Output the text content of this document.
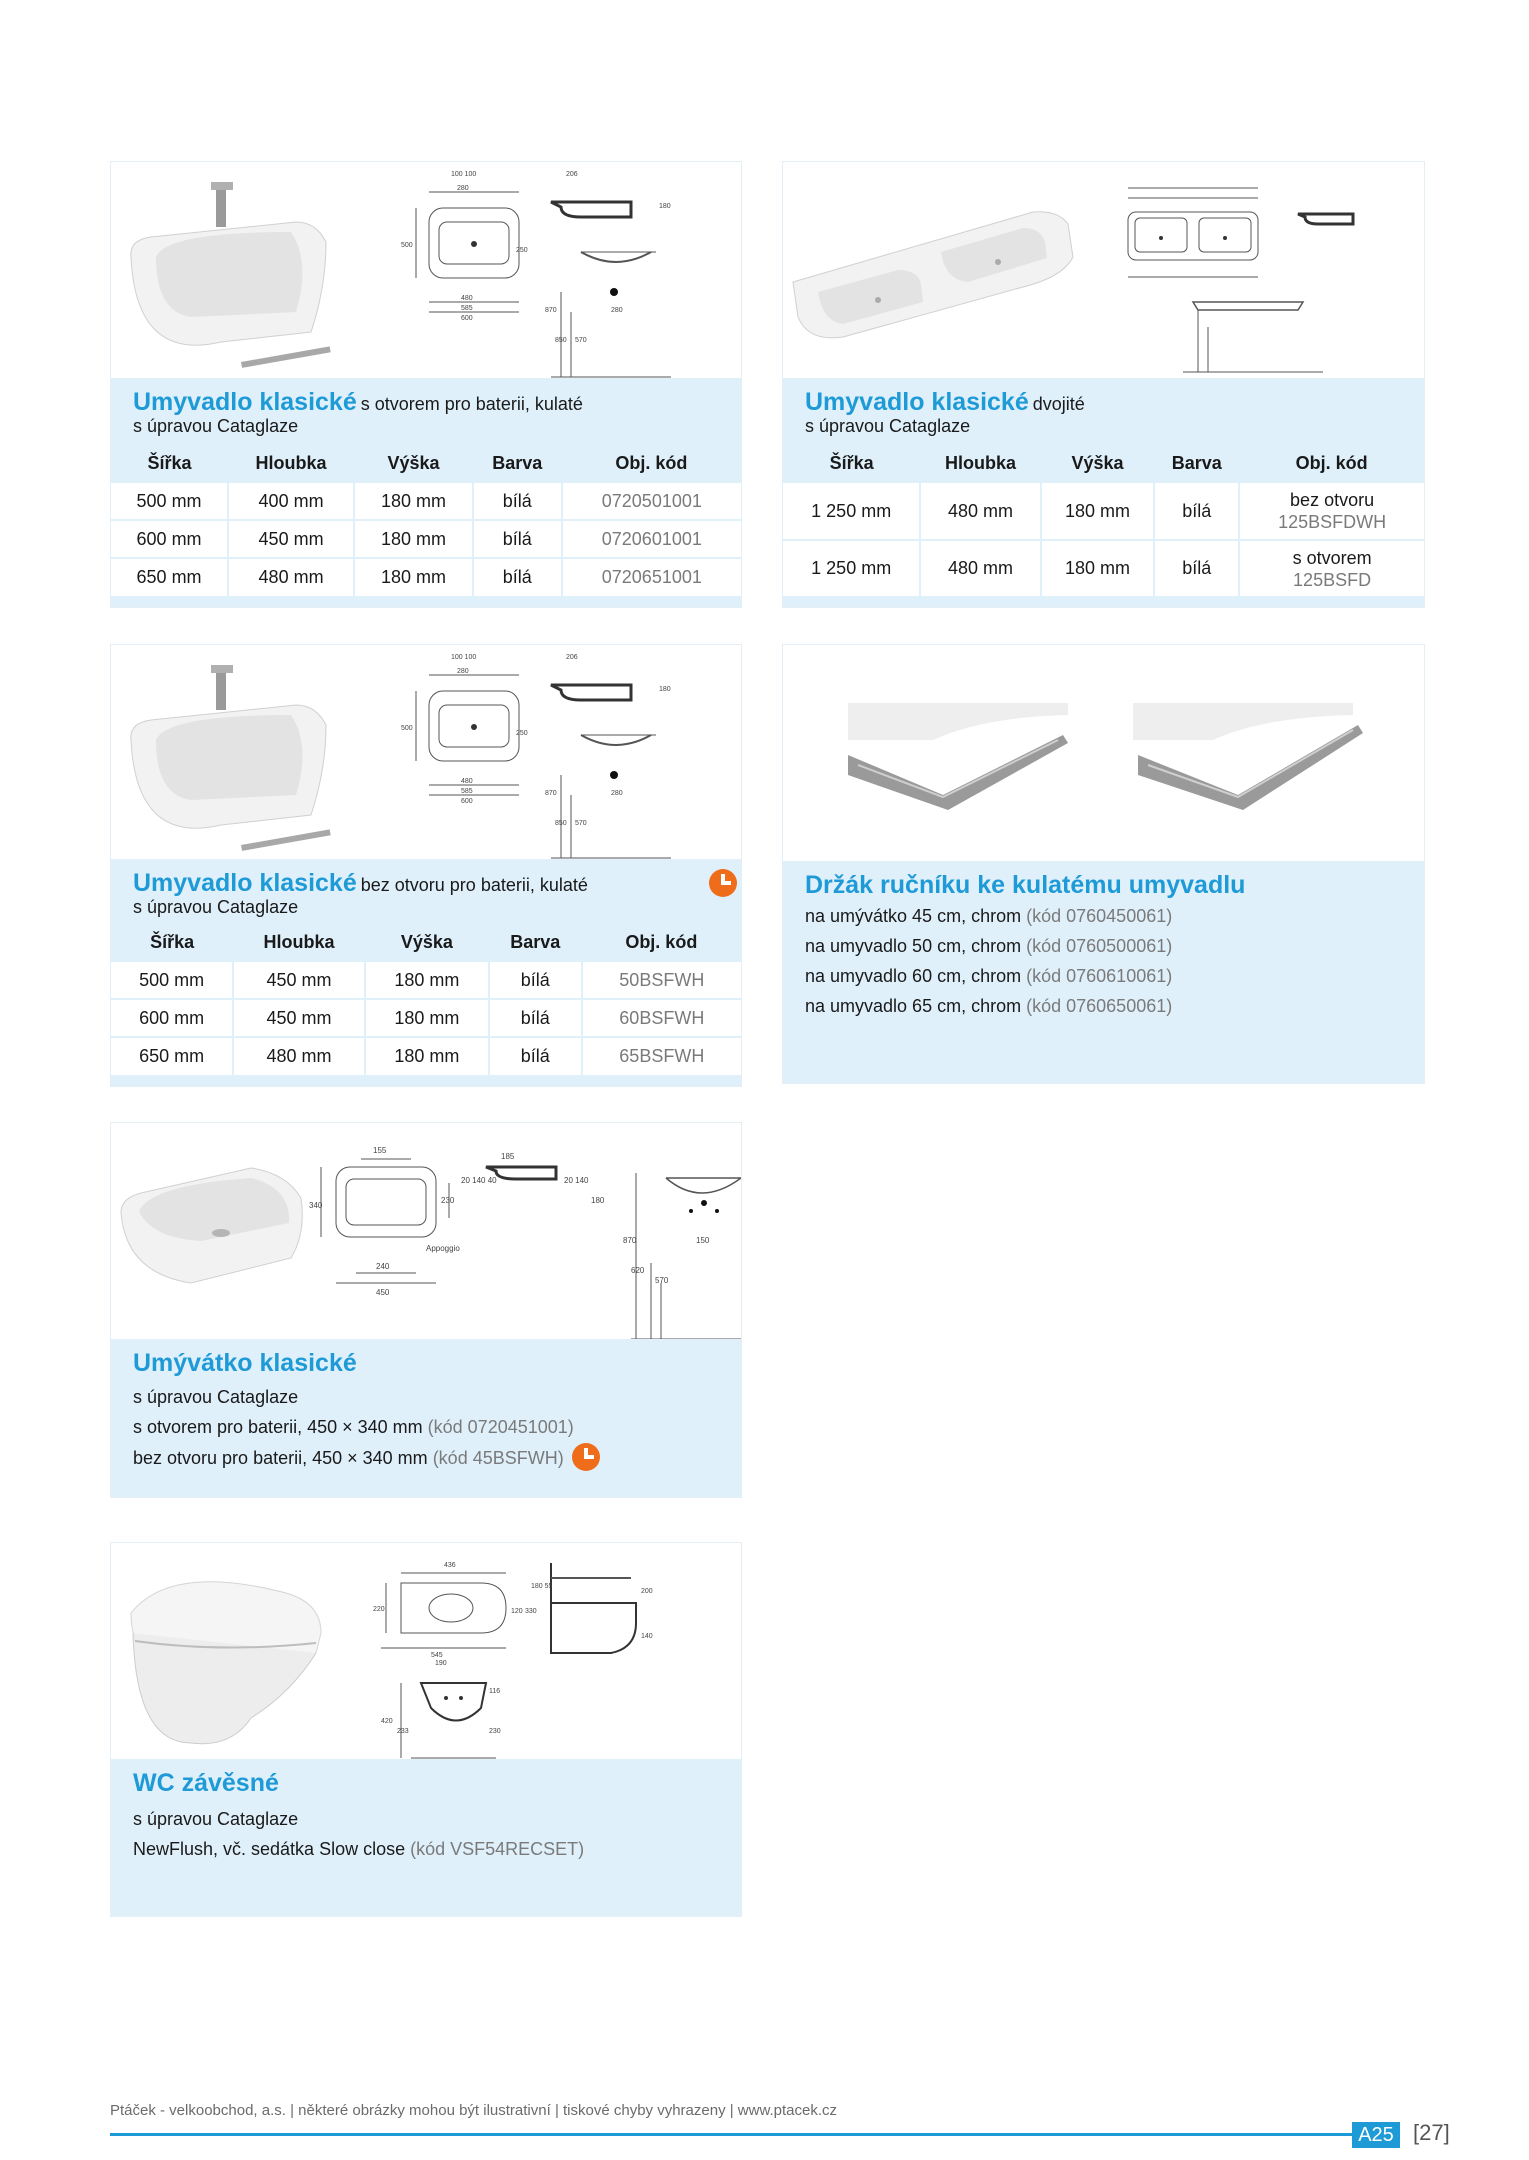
100 100
280
206
500
250
480
585
600
870
850 570
280
180
Umyvadlo klasické s otvorem pro baterii, kulaté
s úpravou Cataglaze
Šířka	Hloubka	Výška	Barva	Obj. kód
500 mm	400 mm	180 mm	bílá	0720501001
600 mm	450 mm	180 mm	bílá	0720601001
650 mm	480 mm	180 mm	bílá	0720651001
Umyvadlo klasické dvojité
s úpravou Cataglaze
Šířka	Hloubka	Výška	Barva	Obj. kód
1 250 mm	480 mm	180 mm	bílá	bez otvoru
125BSFDWH

1 250 mm	480 mm	180 mm	bílá	s otvorem
125BSFD
100 100
280
206
500
250
480
585
600
870
850 570
280
180
Umyvadlo klasické bez otvoru pro baterii, kulaté
s úpravou Cataglaze
Šířka	Hloubka	Výška	Barva	Obj. kód
500 mm	450 mm	180 mm	bílá	50BSFWH
600 mm	450 mm	180 mm	bílá	60BSFWH
650 mm	480 mm	180 mm	bílá	65BSFWH
Držák ručníku ke kulatému umyvadlu
na umývátko 45 cm, chrom (kód 0760450061)
na umyvadlo 50 cm, chrom (kód 0760500061)
na umyvadlo 60 cm, chrom (kód 0760610061)
na umyvadlo 65 cm, chrom (kód 0760650061)
155
185
340
230
20 140 40	20 140
180
240
450
Appoggio
870
620
570
150
Umývátko klasické
s úpravou Cataglaze
s otvorem pro baterii, 450 × 340 mm (kód 0720451001)
bez otvoru pro baterii, 450 × 340 mm (kód 45BSFWH)
436
220
545
190
120 330
180 55
200
140
420
233	230
116
WC závěsné
s úpravou Cataglaze
NewFlush, vč. sedátka Slow close (kód VSF54RECSET)
Ptáček - velkoobchod, a.s. | některé obrázky mohou být ilustrativní | tiskové chyby vyhrazeny | www.ptacek.cz
A25 [27]
